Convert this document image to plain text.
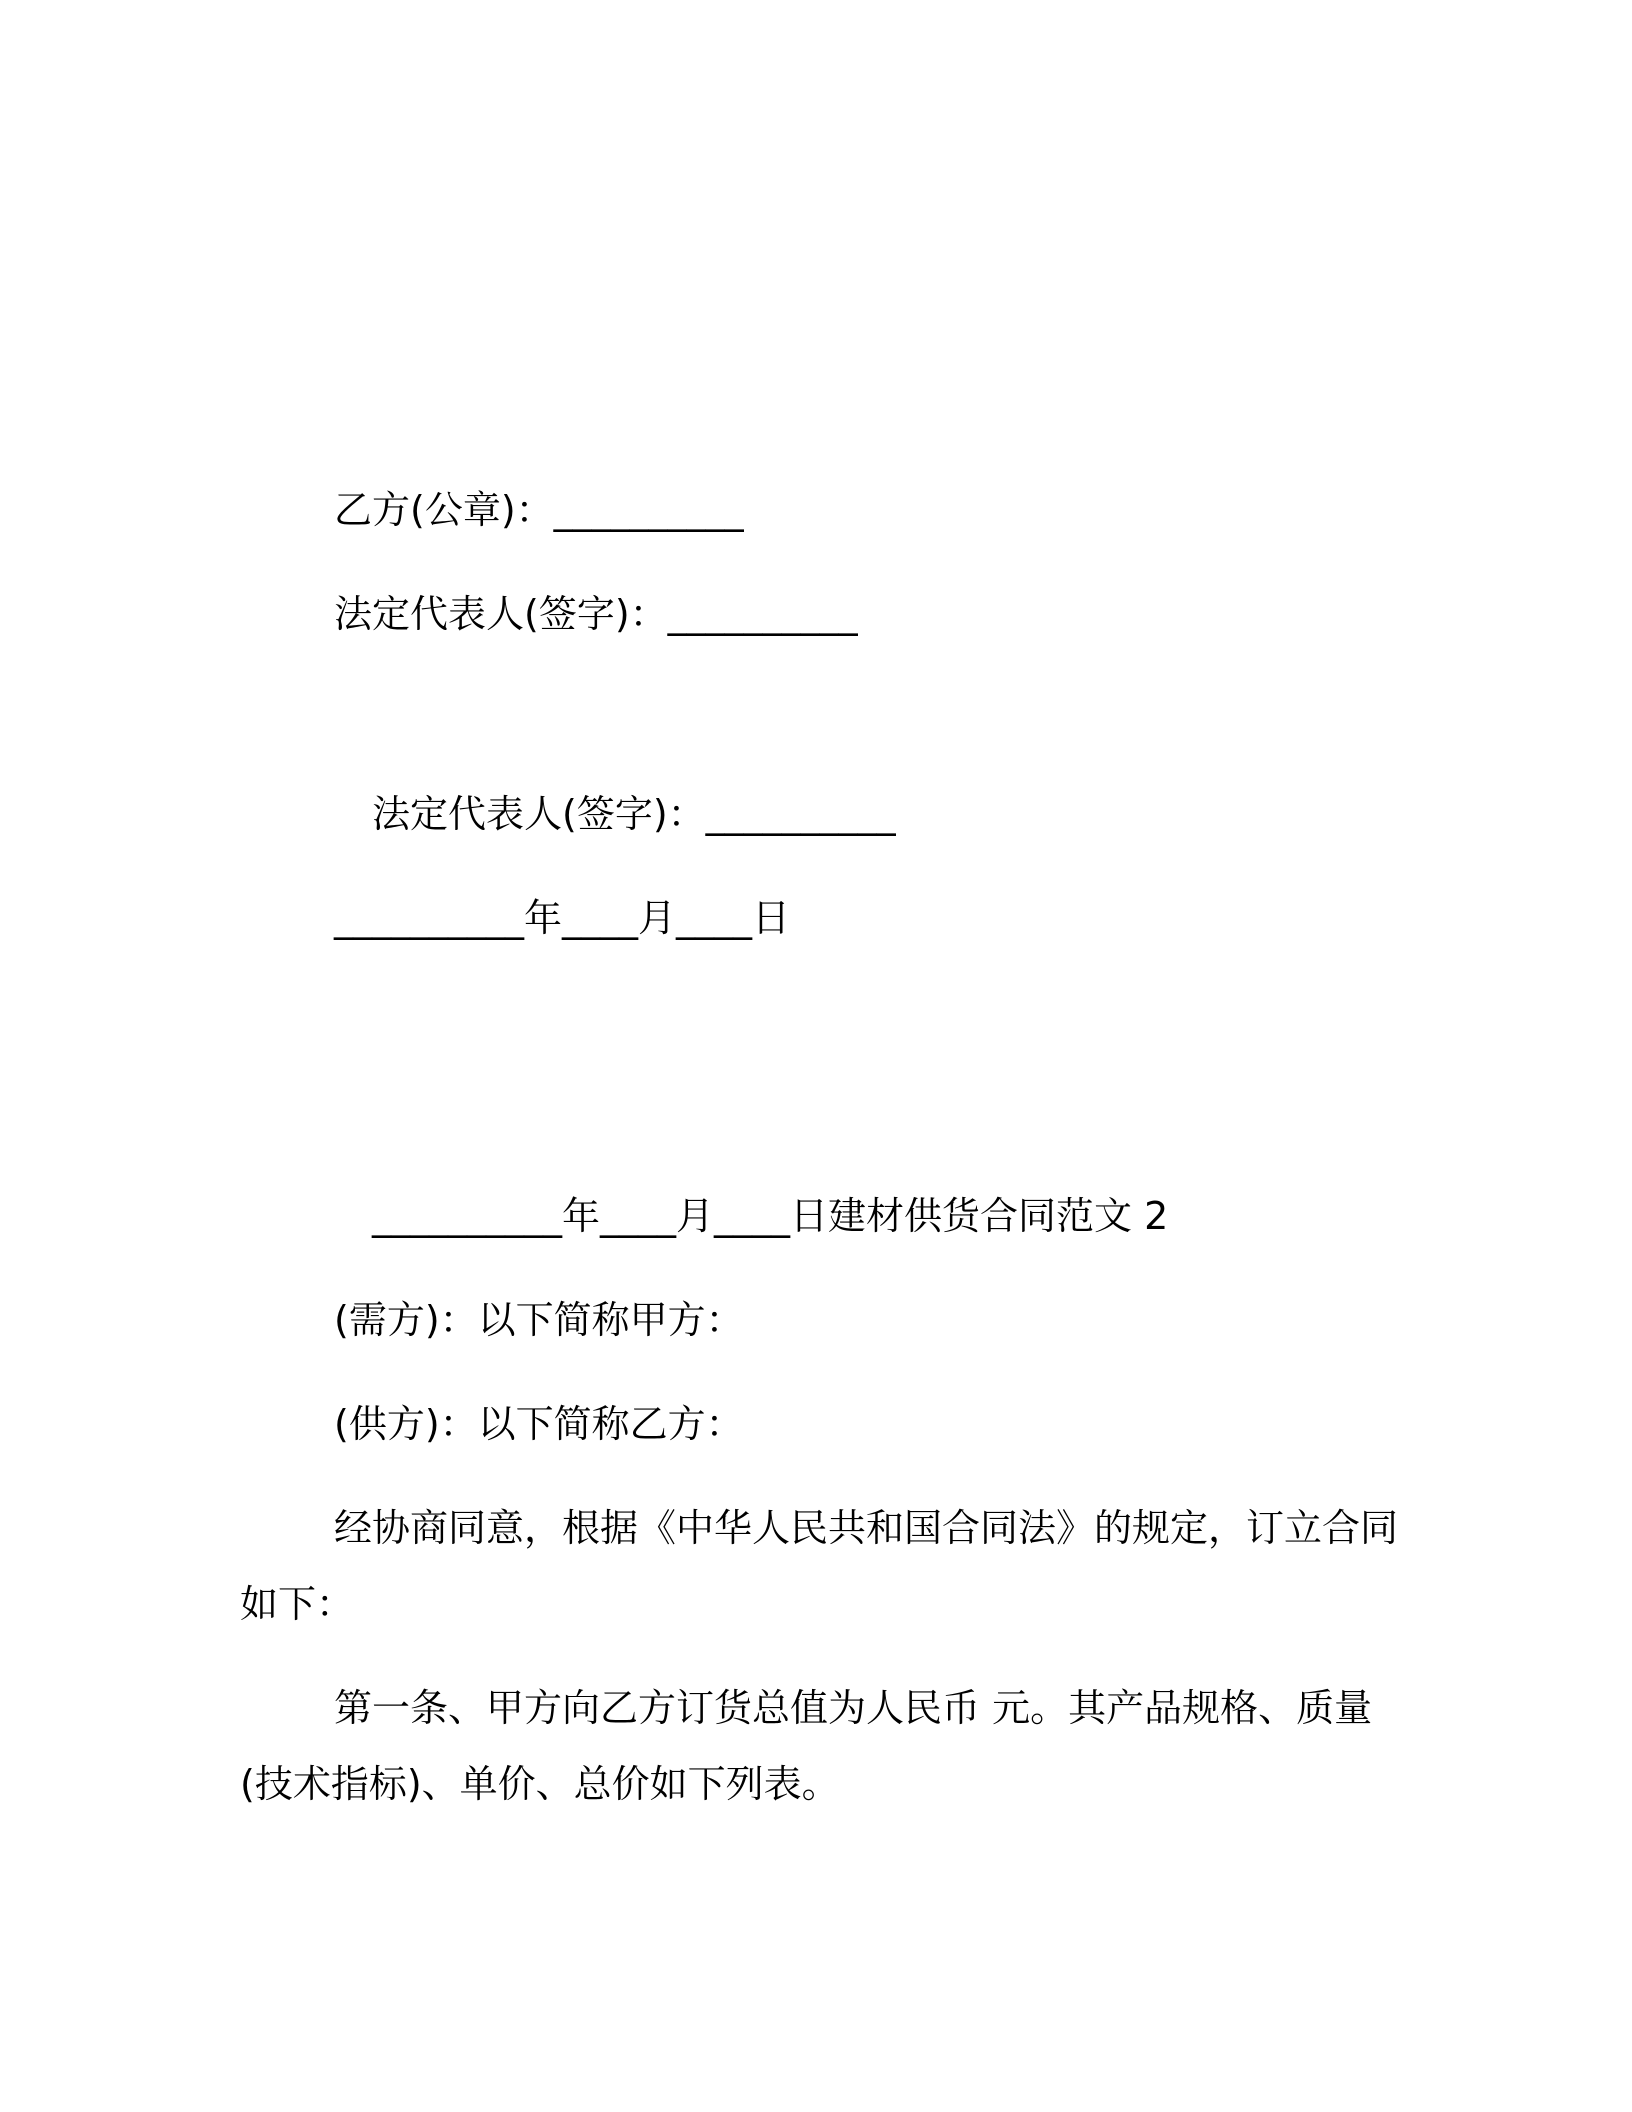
乙方(公章)：__________
法定代表人(签字)：__________
法定代表人(签字)：__________
__________年____月____日
__________年____月____日建材供货合同范文 2
(需方)：以下简称甲方：
(供方)：以下简称乙方：
经协商同意，根据《中华人民共和国合同法》的规定，订立合同
如下：
第一条、甲方向乙方订货总值为人民币 元。其产品规格、质量
(技术指标)、单价、总价如下列表。
